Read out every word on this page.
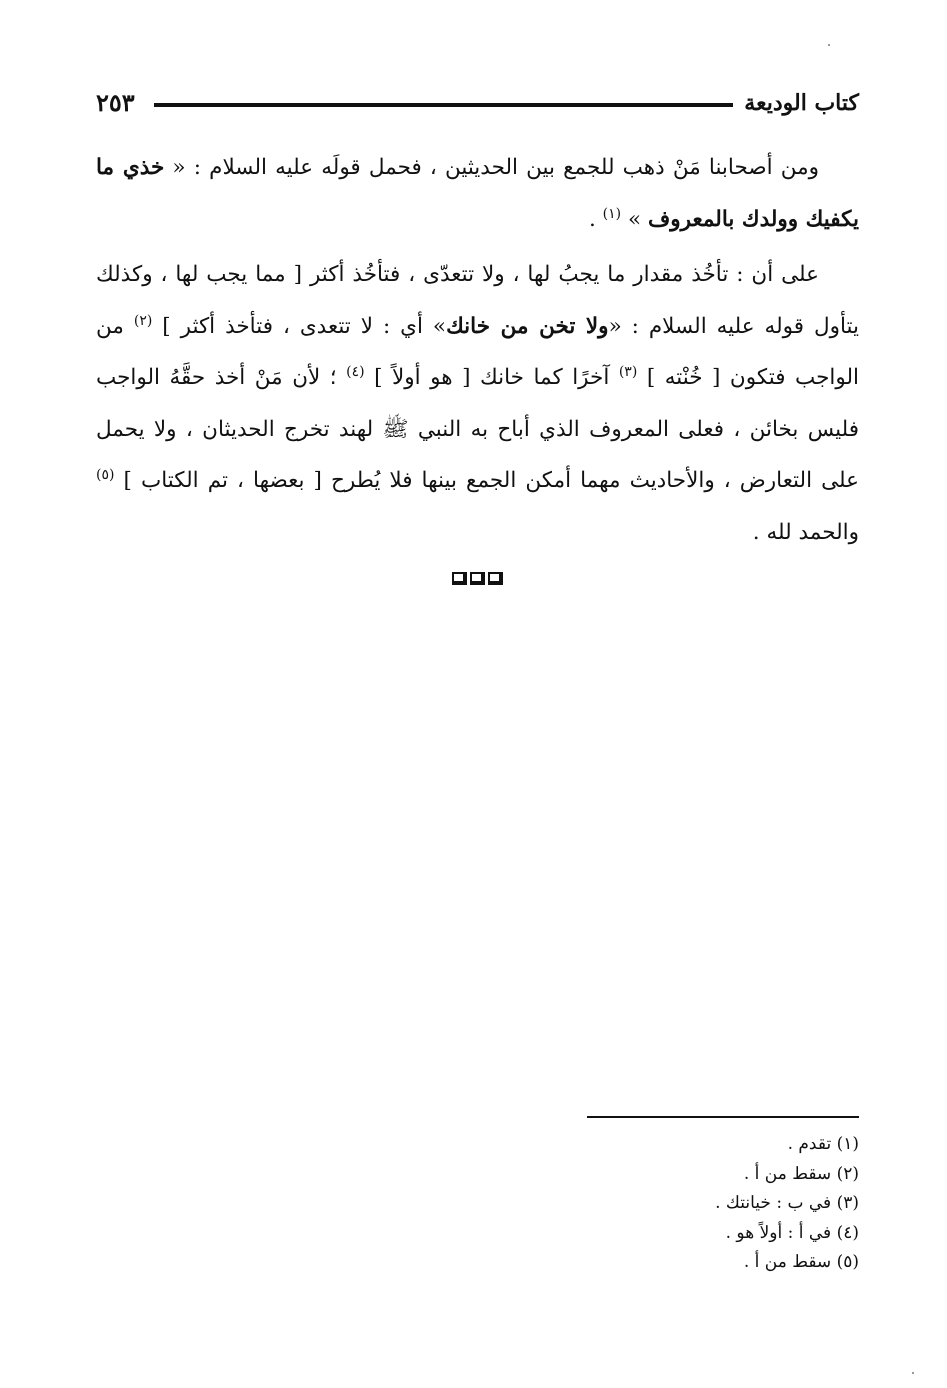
كتاب الوديعة
٢٥٣

ومن أصحابنا مَنْ ذهب للجمع بين الحديثين ، فحمل قولَه عليه السلام : « خذي ما يكفيك وولدك بالمعروف » $^{(١)}$ .

على أن : تأخُذ مقدار ما يجبُ لها ، ولا تتعدّى ، فتأخُذ أكثر [ مما يجب لها ، وكذلك يتأول قوله عليه السلام : «ولا تخن من خانك» أي : لا تتعدى ، فتأخذ أكثر ] $^{(٢)}$ من الواجب فتكون [ خُنْته ] $^{(٣)}$ آخرًا كما خانك [ هو أولاً ] $^{(٤)}$ ؛ لأن مَنْ أخذ حقَّهُ الواجب فليس بخائن ، فعلى المعروف الذي أباح به النبي ﷺ لهند تخرج الحديثان ، ولا يحمل على التعارض ، والأحاديث مهما أمكن الجمع بينها فلا يُطرح [ بعضها ، تم الكتاب ] $^{(٥)}$ والحمد لله .

(١) تقدم .
(٢) سقط من أ .
(٣) في ب : خيانتك .
(٤) في أ : أولاً هو .
(٥) سقط من أ .
